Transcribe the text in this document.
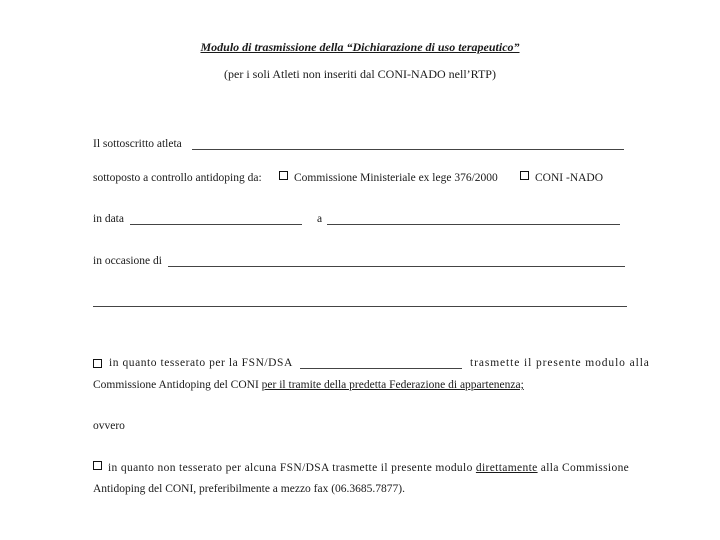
Modulo di trasmissione della “Dichiarazione di uso terapeutico”
(per i soli Atleti non inseriti dal CONI-NADO nell’RTP)
Il sottoscritto atleta
sottoposto a controllo antidoping da:	Commissione Ministeriale ex lege 376/2000	CONI -NADO
in data	a
in occasione di
in quanto tesserato per la FSN/DSA	trasmette il presente modulo alla
Commissione Antidoping del CONI per il tramite della predetta Federazione di appartenenza;
ovvero
in quanto non tesserato per alcuna FSN/DSA trasmette il presente modulo direttamente alla Commissione
Antidoping del CONI, preferibilmente a mezzo fax (06.3685.7877).
